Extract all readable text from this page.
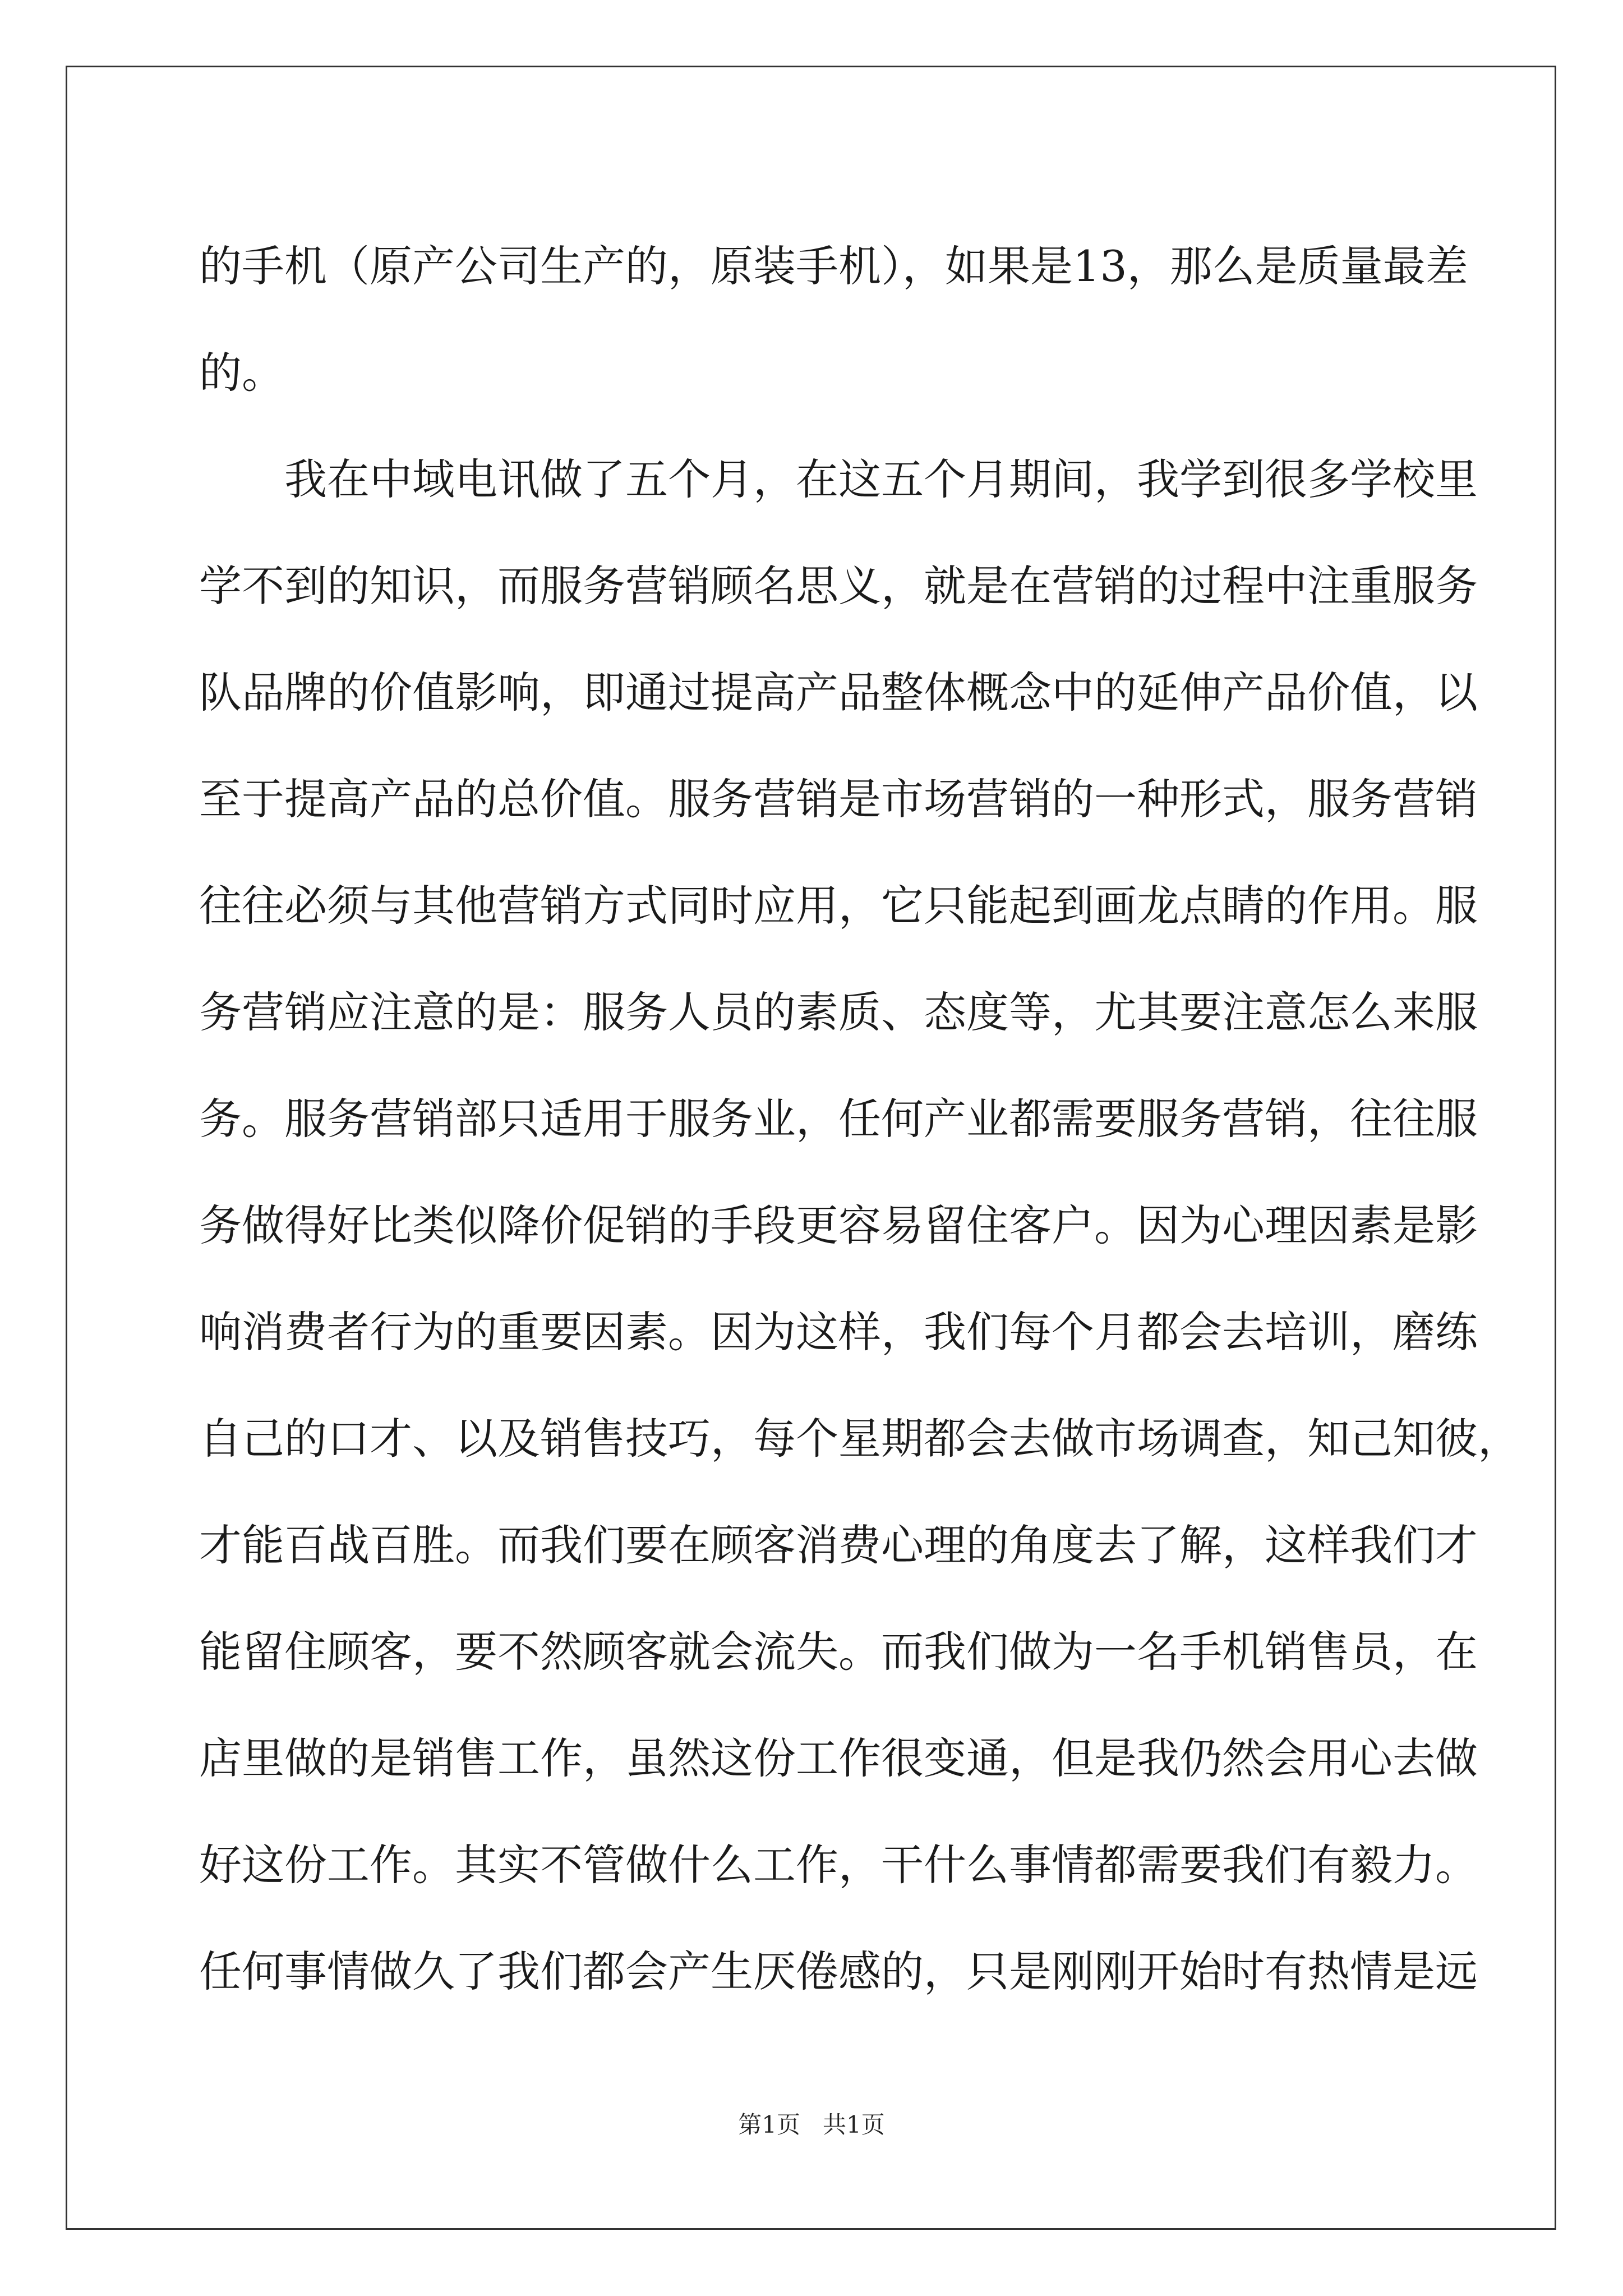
的手机（原产公司生产的，原装手机），如果是13，那么是质量最差
的。
我在中域电讯做了五个月，在这五个月期间，我学到很多学校里
学不到的知识，而服务营销顾名思义，就是在营销的过程中注重服务
队品牌的价值影响，即通过提高产品整体概念中的延伸产品价值，以
至于提高产品的总价值。服务营销是市场营销的一种形式，服务营销
往往必须与其他营销方式同时应用，它只能起到画龙点睛的作用。服
务营销应注意的是：服务人员的素质、态度等，尤其要注意怎么来服
务。服务营销部只适用于服务业，任何产业都需要服务营销，往往服
务做得好比类似降价促销的手段更容易留住客户。因为心理因素是影
响消费者行为的重要因素。因为这样，我们每个月都会去培训，磨练
自己的口才、以及销售技巧，每个星期都会去做市场调查，知己知彼，
才能百战百胜。而我们要在顾客消费心理的角度去了解，这样我们才
能留住顾客，要不然顾客就会流失。而我们做为一名手机销售员，在
店里做的是销售工作，虽然这份工作很变通，但是我仍然会用心去做
好这份工作。其实不管做什么工作，干什么事情都需要我们有毅力。
任何事情做久了我们都会产生厌倦感的，只是刚刚开始时有热情是远
第1页 共1页
